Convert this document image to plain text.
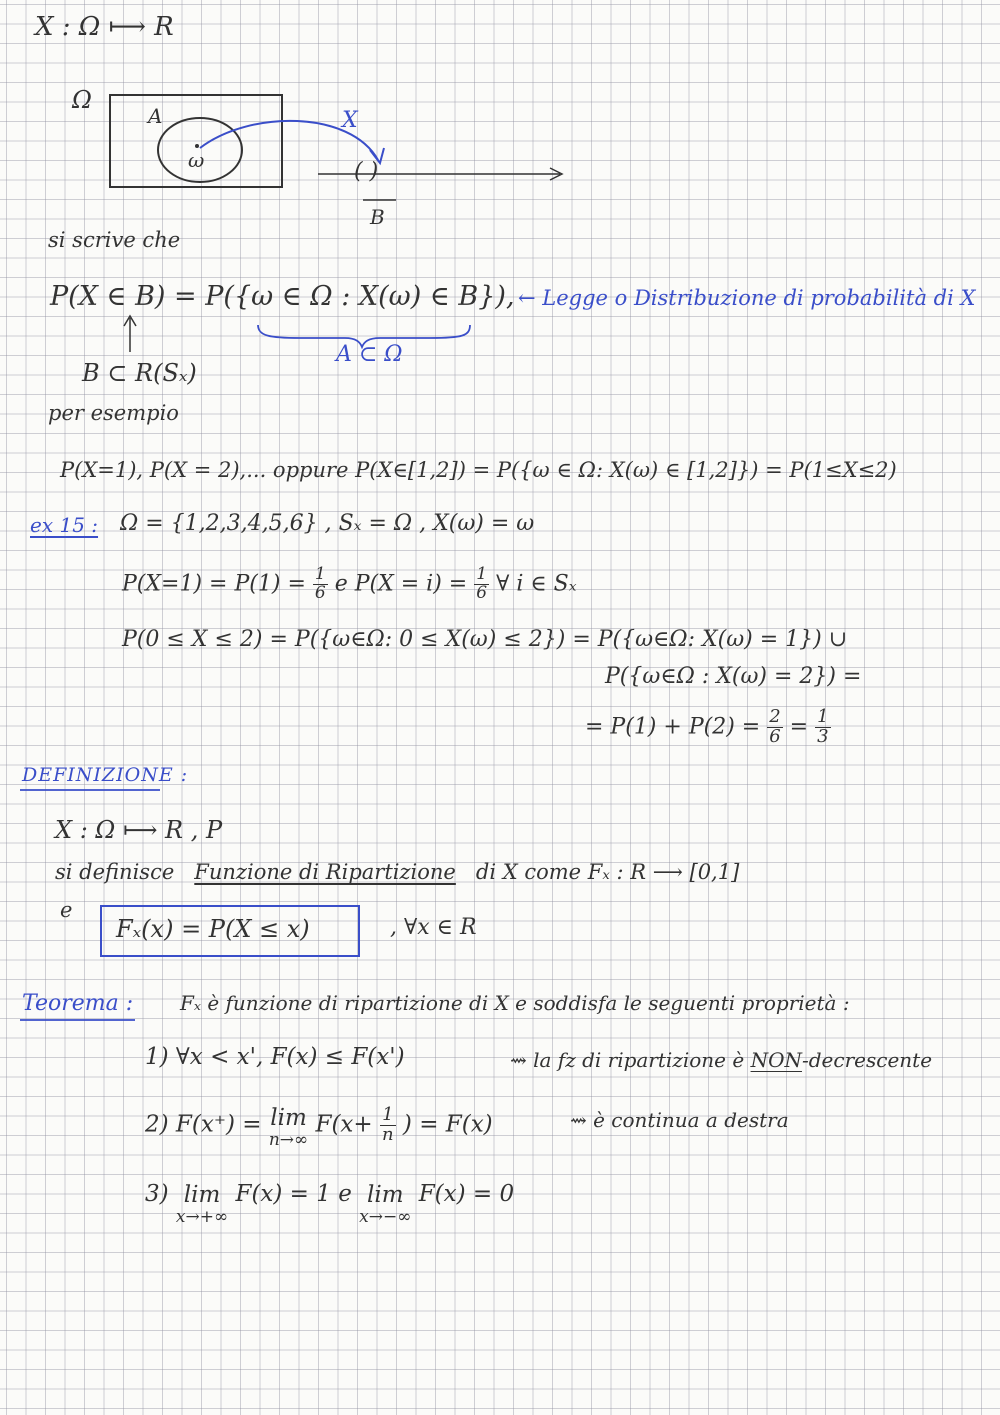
X : Ω ⟼ R
Ω
A
ω
X
( )
B
si scrive che
P(X ∈ B) = P({ω ∈ Ω : X(ω) ∈ B}), ← Legge o Distribuzione di probabilità di X
A ⊂ Ω
B ⊂ R(Sₓ)
per esempio
P(X=1), P(X = 2),... oppure P(X∈[1,2]) = P({ω ∈ Ω: X(ω) ∈ [1,2]}) = P(1≤X≤2)
ex 15 : Ω = {1,2,3,4,5,6} , Sₓ = Ω , X(ω) = ω
$P(X=1) = P(1) = \frac{1}{6}$ e $P(X = i) = \frac{1}{6}$ ∀ i ∈ Sₓ
P(0 ≤ X ≤ 2) = P({ω∈Ω: 0 ≤ X(ω) ≤ 2}) = P({ω∈Ω: X(ω) = 1}) ∪
P({ω∈Ω : X(ω) = 2}) =
= $P(1) + P(2) = \frac{2}{6} = \frac{1}{3}$
DEFINIZIONE :
X : Ω ⟼ R , P
si definisce Funzione di Ripartizione di X come Fₓ : R ⟶ [0,1]
e
Fₓ(x) = P(X ≤ x)	, ∀x ∈ R
Teorema : Fₓ è funzione di ripartizione di X e soddisfa le seguenti proprietà :
1) ∀x < x', F(x) ≤ F(x')	⇝ la fz di ripartizione è NON-decrescente
2) F(x⁺) = lim
n→∞
$F(x+ \frac{1}{n}$ ) = F(x)	⇝ è continua a destra
3) lim
x→+∞
F(x) = 1 e lim
x→−∞
F(x) = 0
